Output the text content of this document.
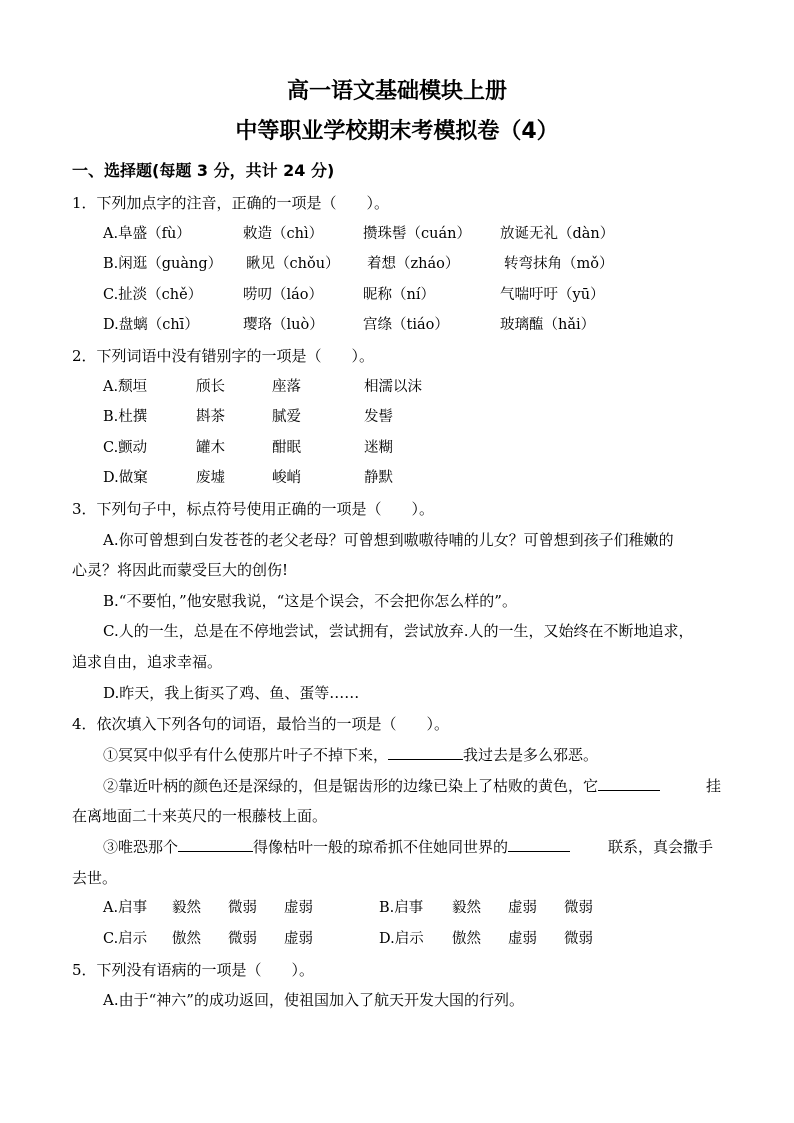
高一语文基础模块上册
中等职业学校期末考模拟卷（4）
一、选择题(每题 3 分，共计 24 分)
1．下列加点字的注音，正确的一项是（　　）。
A.阜盛（fù）	敕造（chì）	攒珠髻（cuán） 放诞无礼（dàn）
B.闲逛（guàng） 瞅见（chǒu） 着想（zháo）	转弯抹角（mǒ）
C.扯淡（chě）	唠叨（láo）	昵称（ní）	气喘吁吁（yū）
D.盘螭（chī）	璎珞（luò）	宫绦（tiáo）	玻璃醢（hǎi）
2．下列词语中没有错别字的一项是（　　）。
A.颓垣	颀长	座落	相濡以沫
B.杜撰	斟茶	腻爱	发髻
C.颤动	罐木	酣眠	迷糊
D.做窠	废墟	峻峭	静默
3．下列句子中，标点符号使用正确的一项是（　　）。
A.你可曾想到白发苍苍的老父老母？可曾想到嗷嗷待哺的儿女？可曾想到孩子们稚嫩的
心灵？将因此而蒙受巨大的创伤!
B.“不要怕，”他安慰我说，“这是个误会，不会把你怎么样的”。
C.人的一生，总是在不停地尝试，尝试拥有，尝试放弃.人的一生，又始终在不断地追求，
追求自由，追求幸福。
D.昨天，我上街买了鸡、鱼、蛋等……
4．依次填入下列各句的词语，最恰当的一项是（　　）。
①冥冥中似乎有什么使那片叶子不掉下来，	我过去是多么邪恶。
②靠近叶柄的颜色还是深绿的，但是锯齿形的边缘已染上了枯败的黄色，它	挂
在离地面二十来英尺的一根藤枝上面。
③唯恐那个	得像枯叶一般的琼希抓不住她同世界的	联系，真会撒手
去世。
A.启事 毅然 微弱 虚弱	B.启事 毅然 虚弱 微弱
C.启示 傲然 微弱 虚弱	D.启示 傲然 虚弱 微弱
5．下列没有语病的一项是（　　）。
A.由于“神六”的成功返回，使祖国加入了航天开发大国的行列。
